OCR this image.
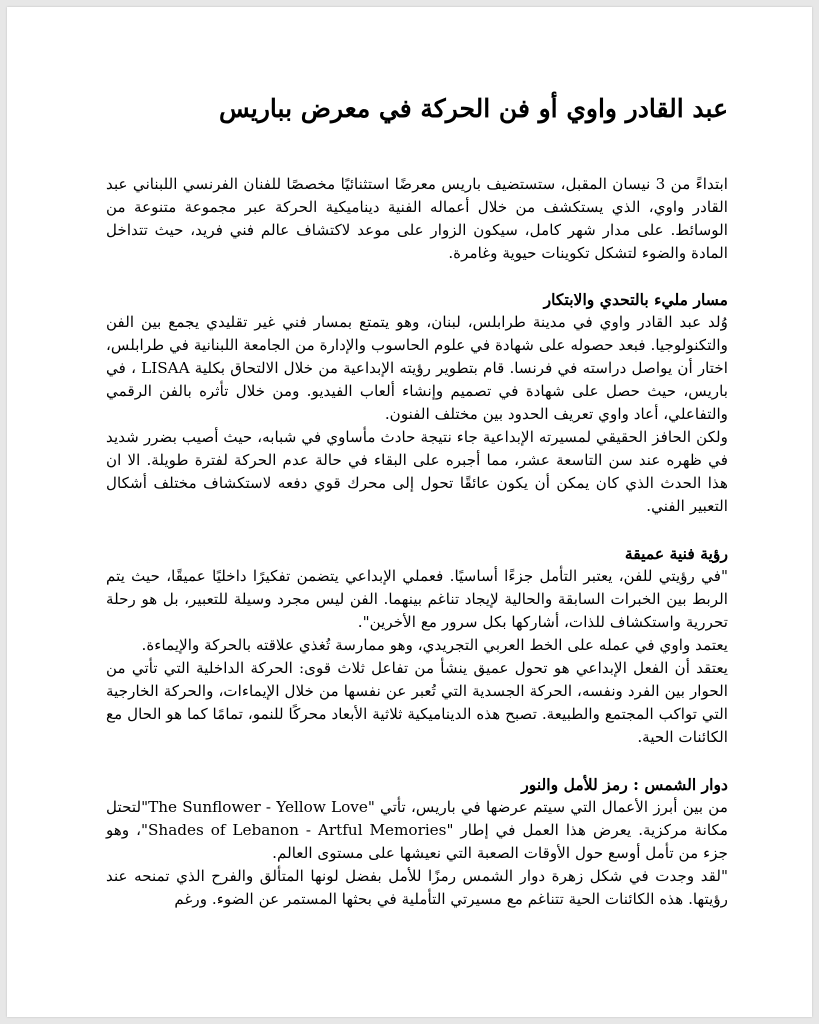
عبد القادر واوي أو فن الحركة في معرض بباريس

ابتداءً من 3 نيسان المقبل، ستستضيف باريس معرضًا استثنائيًا مخصصًا للفنان الفرنسي اللبناني عبد القادر واوي، الذي يستكشف من خلال أعماله الفنية ديناميكية الحركة عبر مجموعة متنوعة من الوسائط. على مدار شهر كامل، سيكون الزوار على موعد لاكتشاف عالم فني فريد، حيث تتداخل المادة والضوء لتشكل تكوينات حيوية وغامرة.

مسار مليء بالتحدي والابتكار

وُلد عبد القادر واوي في مدينة طرابلس، لبنان، وهو يتمتع بمسار فني غير تقليدي يجمع بين الفن والتكنولوجيا. فبعد حصوله على شهادة في علوم الحاسوب والإدارة من الجامعة اللبنانية في طرابلس، اختار أن يواصل دراسته في فرنسا. قام بتطوير رؤيته الإبداعية من خلال الالتحاق بكلية LISAA ، في باريس، حيث حصل على شهادة في تصميم وإنشاء ألعاب الفيديو. ومن خلال تأثره بالفن الرقمي والتفاعلي، أعاد واوي تعريف الحدود بين مختلف الفنون.

ولكن الحافز الحقيقي لمسيرته الإبداعية جاء نتيجة حادث مأساوي في شبابه، حيث أصيب بضرر شديد في ظهره عند سن التاسعة عشر، مما أجبره على البقاء في حالة عدم الحركة لفترة طويلة. الا ان هذا الحدث الذي كان يمكن أن يكون عائقًا تحول إلى محرك قوي دفعه لاستكشاف مختلف أشكال التعبير الفني.

رؤية فنية عميقة

"في رؤيتي للفن، يعتبر التأمل جزءًا أساسيًا. فعملي الإبداعي يتضمن تفكيرًا داخليًا عميقًا، حيث يتم الربط بين الخبرات السابقة والحالية لإيجاد تناغم بينهما. الفن ليس مجرد وسيلة للتعبير، بل هو رحلة تحررية واستكشاف للذات، أشاركها بكل سرور مع الأخرين".

يعتمد واوي في عمله على الخط العربي التجريدي، وهو ممارسة تُغذي علاقته بالحركة والإيماءة.

يعتقد أن الفعل الإبداعي هو تحول عميق ينشأ من تفاعل ثلاث قوى: الحركة الداخلية التي تأتي من الحوار بين الفرد ونفسه، الحركة الجسدية التي تُعبر عن نفسها من خلال الإيماءات، والحركة الخارجية التي تواكب المجتمع والطبيعة. تصبح هذه الديناميكية ثلاثية الأبعاد محركًا للنمو، تمامًا كما هو الحال مع الكائنات الحية.

دوار الشمس : رمز للأمل والنور

من بين أبرز الأعمال التي سيتم عرضها في باريس، تأتي "The Sunflower - Yellow Love"لتحتل مكانة مركزية. يعرض هذا العمل في إطار "Shades of Lebanon - Artful Memories"، وهو جزء من تأمل أوسع حول الأوقات الصعبة التي نعيشها على مستوى العالم.

"لقد وجدت في شكل زهرة دوار الشمس رمزًا للأمل بفضل لونها المتألق والفرح الذي تمنحه عند رؤيتها. هذه الكائنات الحية تتناغم مع مسيرتي التأملية في بحثها المستمر عن الضوء. ورغم
